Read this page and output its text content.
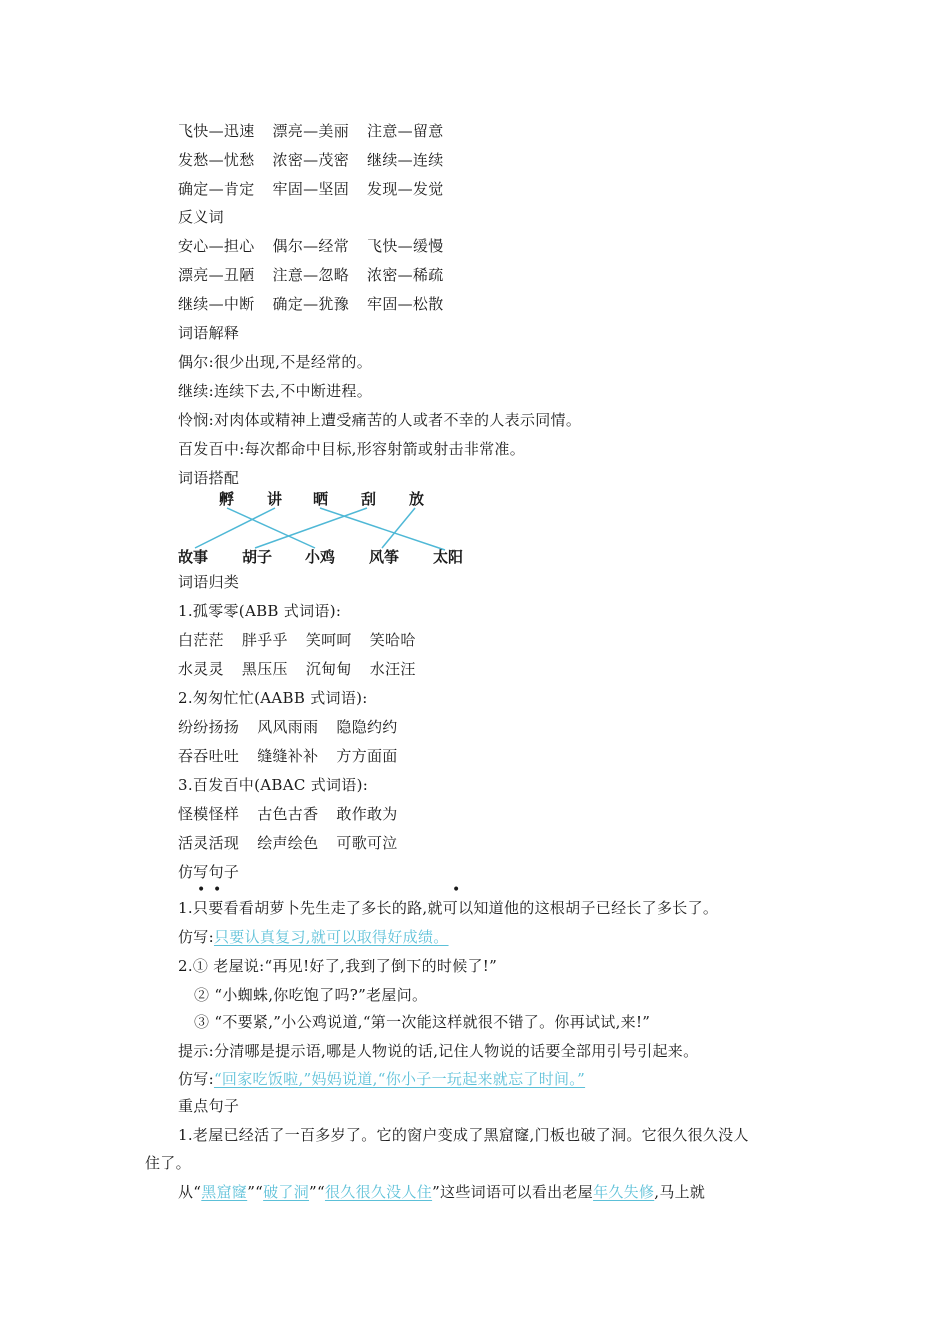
飞快—迅速 漂亮—美丽 注意—留意
发愁—忧愁 浓密—茂密 继续—连续
确定—肯定 牢固—坚固 发现—发觉
反义词
安心—担心 偶尔—经常 飞快—缓慢
漂亮—丑陋 注意—忽略 浓密—稀疏
继续—中断 确定—犹豫 牢固—松散
词语解释
偶尔:很少出现,不是经常的。
继续:连续下去,不中断进程。
怜悯:对肉体或精神上遭受痛苦的人或者不幸的人表示同情。
百发百中:每次都命中目标,形容射箭或射击非常准。
词语搭配
孵 讲 晒 刮 放
故事 胡子 小鸡 风筝 太阳
词语归类
1.孤零零(ABB 式词语):
白茫茫 胖乎乎 笑呵呵 笑哈哈
水灵灵 黑压压 沉甸甸 水汪汪
2.匆匆忙忙(AABB 式词语):
纷纷扬扬 风风雨雨 隐隐约约
吞吞吐吐 缝缝补补 方方面面
3.百发百中(ABAC 式词语):
怪模怪样 古色古香 敢作敢为
活灵活现 绘声绘色 可歌可泣
仿写句子
• •	•
1.只要看看胡萝卜先生走了多长的路,就可以知道他的这根胡子已经长了多长了。
仿写:只要认真复习,就可以取得好成绩。
2.① 老屋说:“再见!好了,我到了倒下的时候了!”
② “小蜘蛛,你吃饱了吗?”老屋问。
③ “不要紧,”小公鸡说道,“第一次能这样就很不错了。你再试试,来!”
提示:分清哪是提示语,哪是人物说的话,记住人物说的话要全部用引号引起来。
仿写:“回家吃饭啦,”妈妈说道,“你小子一玩起来就忘了时间。”
重点句子
1.老屋已经活了一百多岁了。它的窗户变成了黑窟窿,门板也破了洞。它很久很久没人
住了。
从“黑窟窿”“破了洞”“很久很久没人住”这些词语可以看出老屋年久失修,马上就
